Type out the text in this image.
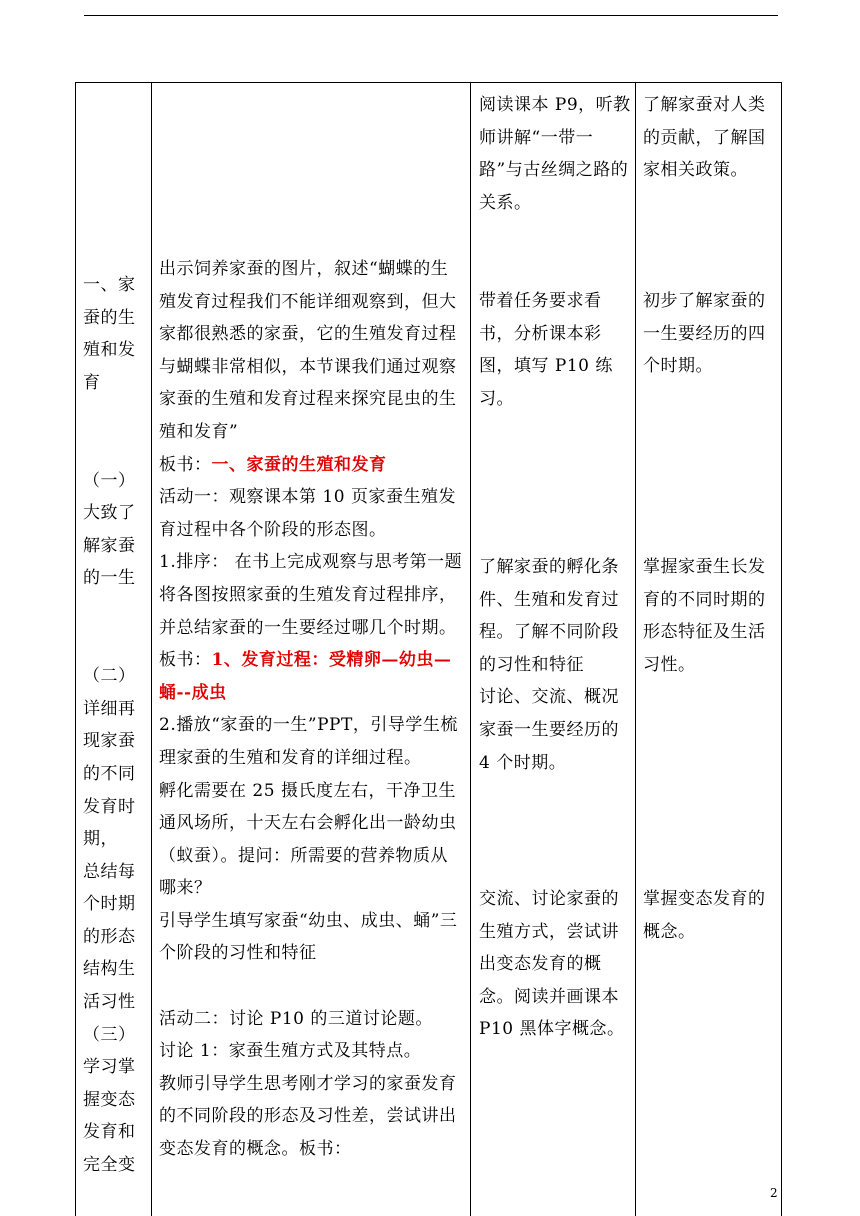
一、家蚕的生殖和发育
（一）大致了解家蚕的一生
（二）详细再现家蚕的不同发育时期，
总结每个时期的形态结构生活习性
（三）学习掌握变态发育和完全变
出示饲养家蚕的图片，叙述“蝴蝶的生殖发育过程我们不能详细观察到，但大家都很熟悉的家蚕，它的生殖发育过程与蝴蝶非常相似，本节课我们通过观察家蚕的生殖和发育过程来探究昆虫的生殖和发育”
板书：一、家蚕的生殖和发育
活动一：观察课本第 10 页家蚕生殖发育过程中各个阶段的形态图。
1.排序： 在书上完成观察与思考第一题将各图按照家蚕的生殖发育过程排序，并总结家蚕的一生要经过哪几个时期。板书：1、发育过程：受精卵—幼虫—蛹--成虫
2.播放“家蚕的一生”PPT，引导学生梳理家蚕的生殖和发育的详细过程。
孵化需要在 25 摄氏度左右，干净卫生通风场所，十天左右会孵化出一龄幼虫（蚁蚕）。提问：所需要的营养物质从哪来？
引导学生填写家蚕“幼虫、成虫、蛹”三个阶段的习性和特征
活动二：讨论 P10 的三道讨论题。
讨论 1：家蚕生殖方式及其特点。
教师引导学生思考刚才学习的家蚕发育的不同阶段的形态及习性差，尝试讲出变态发育的概念。板书：
阅读课本 P9，听教师讲解“一带一路”与古丝绸之路的关系。
带着任务要求看书，分析课本彩图，填写 P10 练习。
了解家蚕的孵化条件、生殖和发育过程。了解不同阶段的习性和特征
讨论、交流、概况家蚕一生要经历的 4 个时期。
交流、讨论家蚕的生殖方式，尝试讲出变态发育的概念。阅读并画课本 P10 黑体字概念。
了解家蚕对人类的贡献，了解国家相关政策。
初步了解家蚕的一生要经历的四个时期。
掌握家蚕生长发育的不同时期的形态特征及生活习性。
掌握变态发育的概念。
2
